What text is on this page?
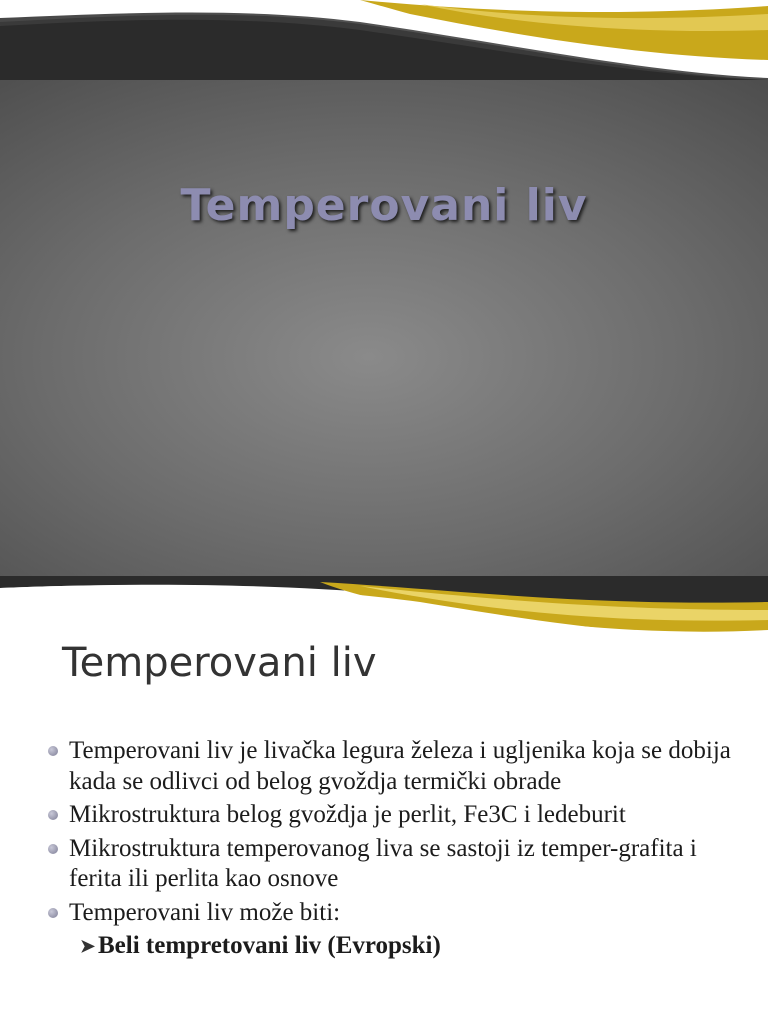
Temperovani liv
Temperovani liv
Temperovani liv je livačka legura železa i ugljenika koja se dobija kada se odlivci od belog gvoždja termički obrade
Mikrostruktura belog gvoždja je perlit, Fe3C i ledeburit
Mikrostruktura temperovanog liva se sastoji iz temper-grafita i ferita ili perlita kao osnove
Temperovani liv može biti:
➤ Beli tempretovani liv (Evropski)
